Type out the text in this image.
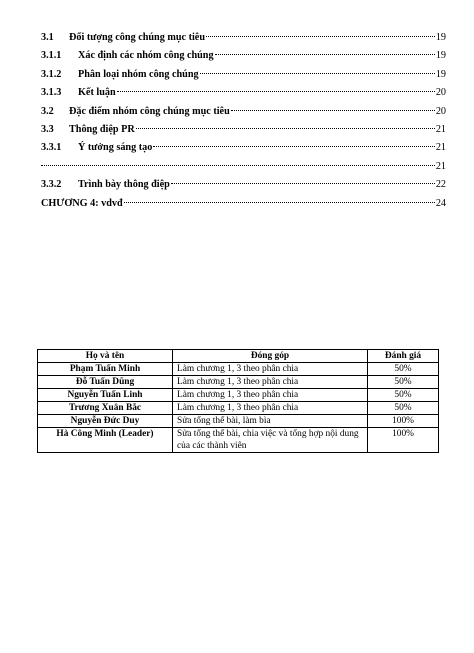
3.1	Đối tượng công chúng mục tiêu	19
3.1.1	Xác định các nhóm công chúng	19
3.1.2	Phân loại nhóm công chúng	19
3.1.3	Kết luận	20
3.2	Đặc điểm nhóm công chúng mục tiêu	20
3.3	Thông điệp PR	21
3.3.1	Ý tưởng sáng tạo	21
21
3.3.2	Trình bày thông điệp	22
CHƯƠNG 4: vdvđ	24
Họ và tên	Đóng góp	Đánh giá
Phạm Tuấn Minh	Làm chương 1, 3 theo phân chia	50%
Đỗ Tuấn Dũng	Làm chương 1, 3 theo phân chia	50%
Nguyễn Tuấn Linh	Làm chương 1, 3 theo phân chia	50%
Trương Xuân Bắc	Làm chương 1, 3 theo phân chia	50%
Nguyễn Đức Duy	Sửa tổng thể bài, làm bìa	100%
Hà Công Minh (Leader)	Sửa tổng thể bài, chia việc và tổng hợp nội dung của các thành viên	100%
